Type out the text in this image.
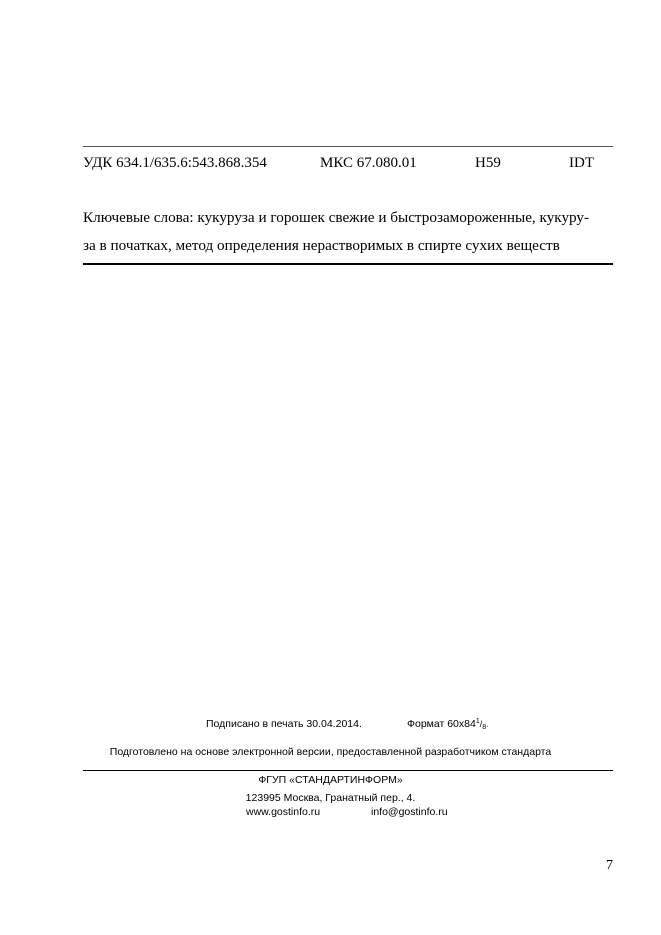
УДК 634.1/635.6:543.868.354	МКС 67.080.01	Н59	IDT
Ключевые слова: кукуруза и горошек свежие и быстрозамороженные, кукуру-
за в початках, метод определения нерастворимых в спирте сухих веществ
Подписано в печать 30.04.2014.	Формат $60х84^1/_8$.
Подготовлено на основе электронной версии, предоставленной разработчиком стандарта
ФГУП «СТАНДАРТИНФОРМ»
123995 Москва, Гранатный пер., 4.
www.gostinfo.ru	info@gostinfo.ru
7
